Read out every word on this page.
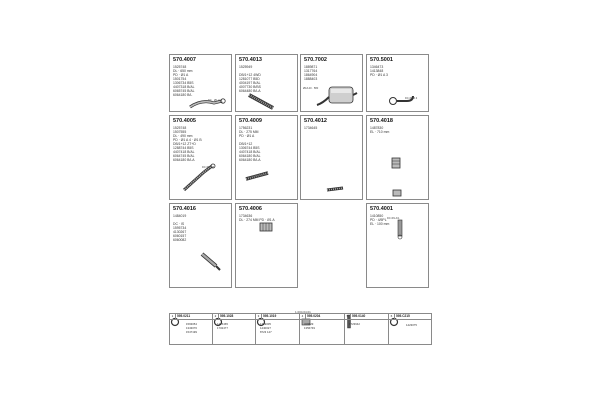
570.4007
1525748
DL · 650 mm
PD · Ø1 A
1501754
1306734 B5S
4407318 B/AL
6065745 B/AL
6064180 B/L
DC · Ø1 A
570.4013
1525949
DB/1+12 4WD
1281077 B5D
4004197 B/AL
4007730 B/BS
6064480 B/LA
570.7002
1889871
1317764
1864904
1888403
Ø1/140 · 580
570.5001
1346473
1413848
PD · Ø1 A 3
DC Ø1 A 3
570.4005
1525748
1507555
DL · 490 mm
PD · Ø1 A 4 · Ø1 B
DB/1+12 ZT+D
1288744 B5S
4407418 B/AL
6064745 B/AL
6064180 B/LA
DC Ø1 A 3
570.4009
1756231
DL · 275 MM
PD · Ø1 A
DB/1+12
1306744 B5S
4407418 B/AL
6064180 B/AL
6064180 B/LA
570.4012
1734645
570.4018
1487830
EL · 710 mm
570.4016
1484019
DC · IS
1595734
4130267
6060157
6060082
570.4006
1734636
DL · 274 MM PD · Ø1 A
570.4001
1410850
PD · 4/5PL
EL · 100 mm
DC Ø1 A/1
1.004.04.01
1	595.0211
1593054
1343076
1547199
2	595.1028
1425465
1702477
3	595.1019
1719005
1440027
8723 147
4	595.0204
328629
1356749
5	595.0140
1723642
6	595.C215
1423075
